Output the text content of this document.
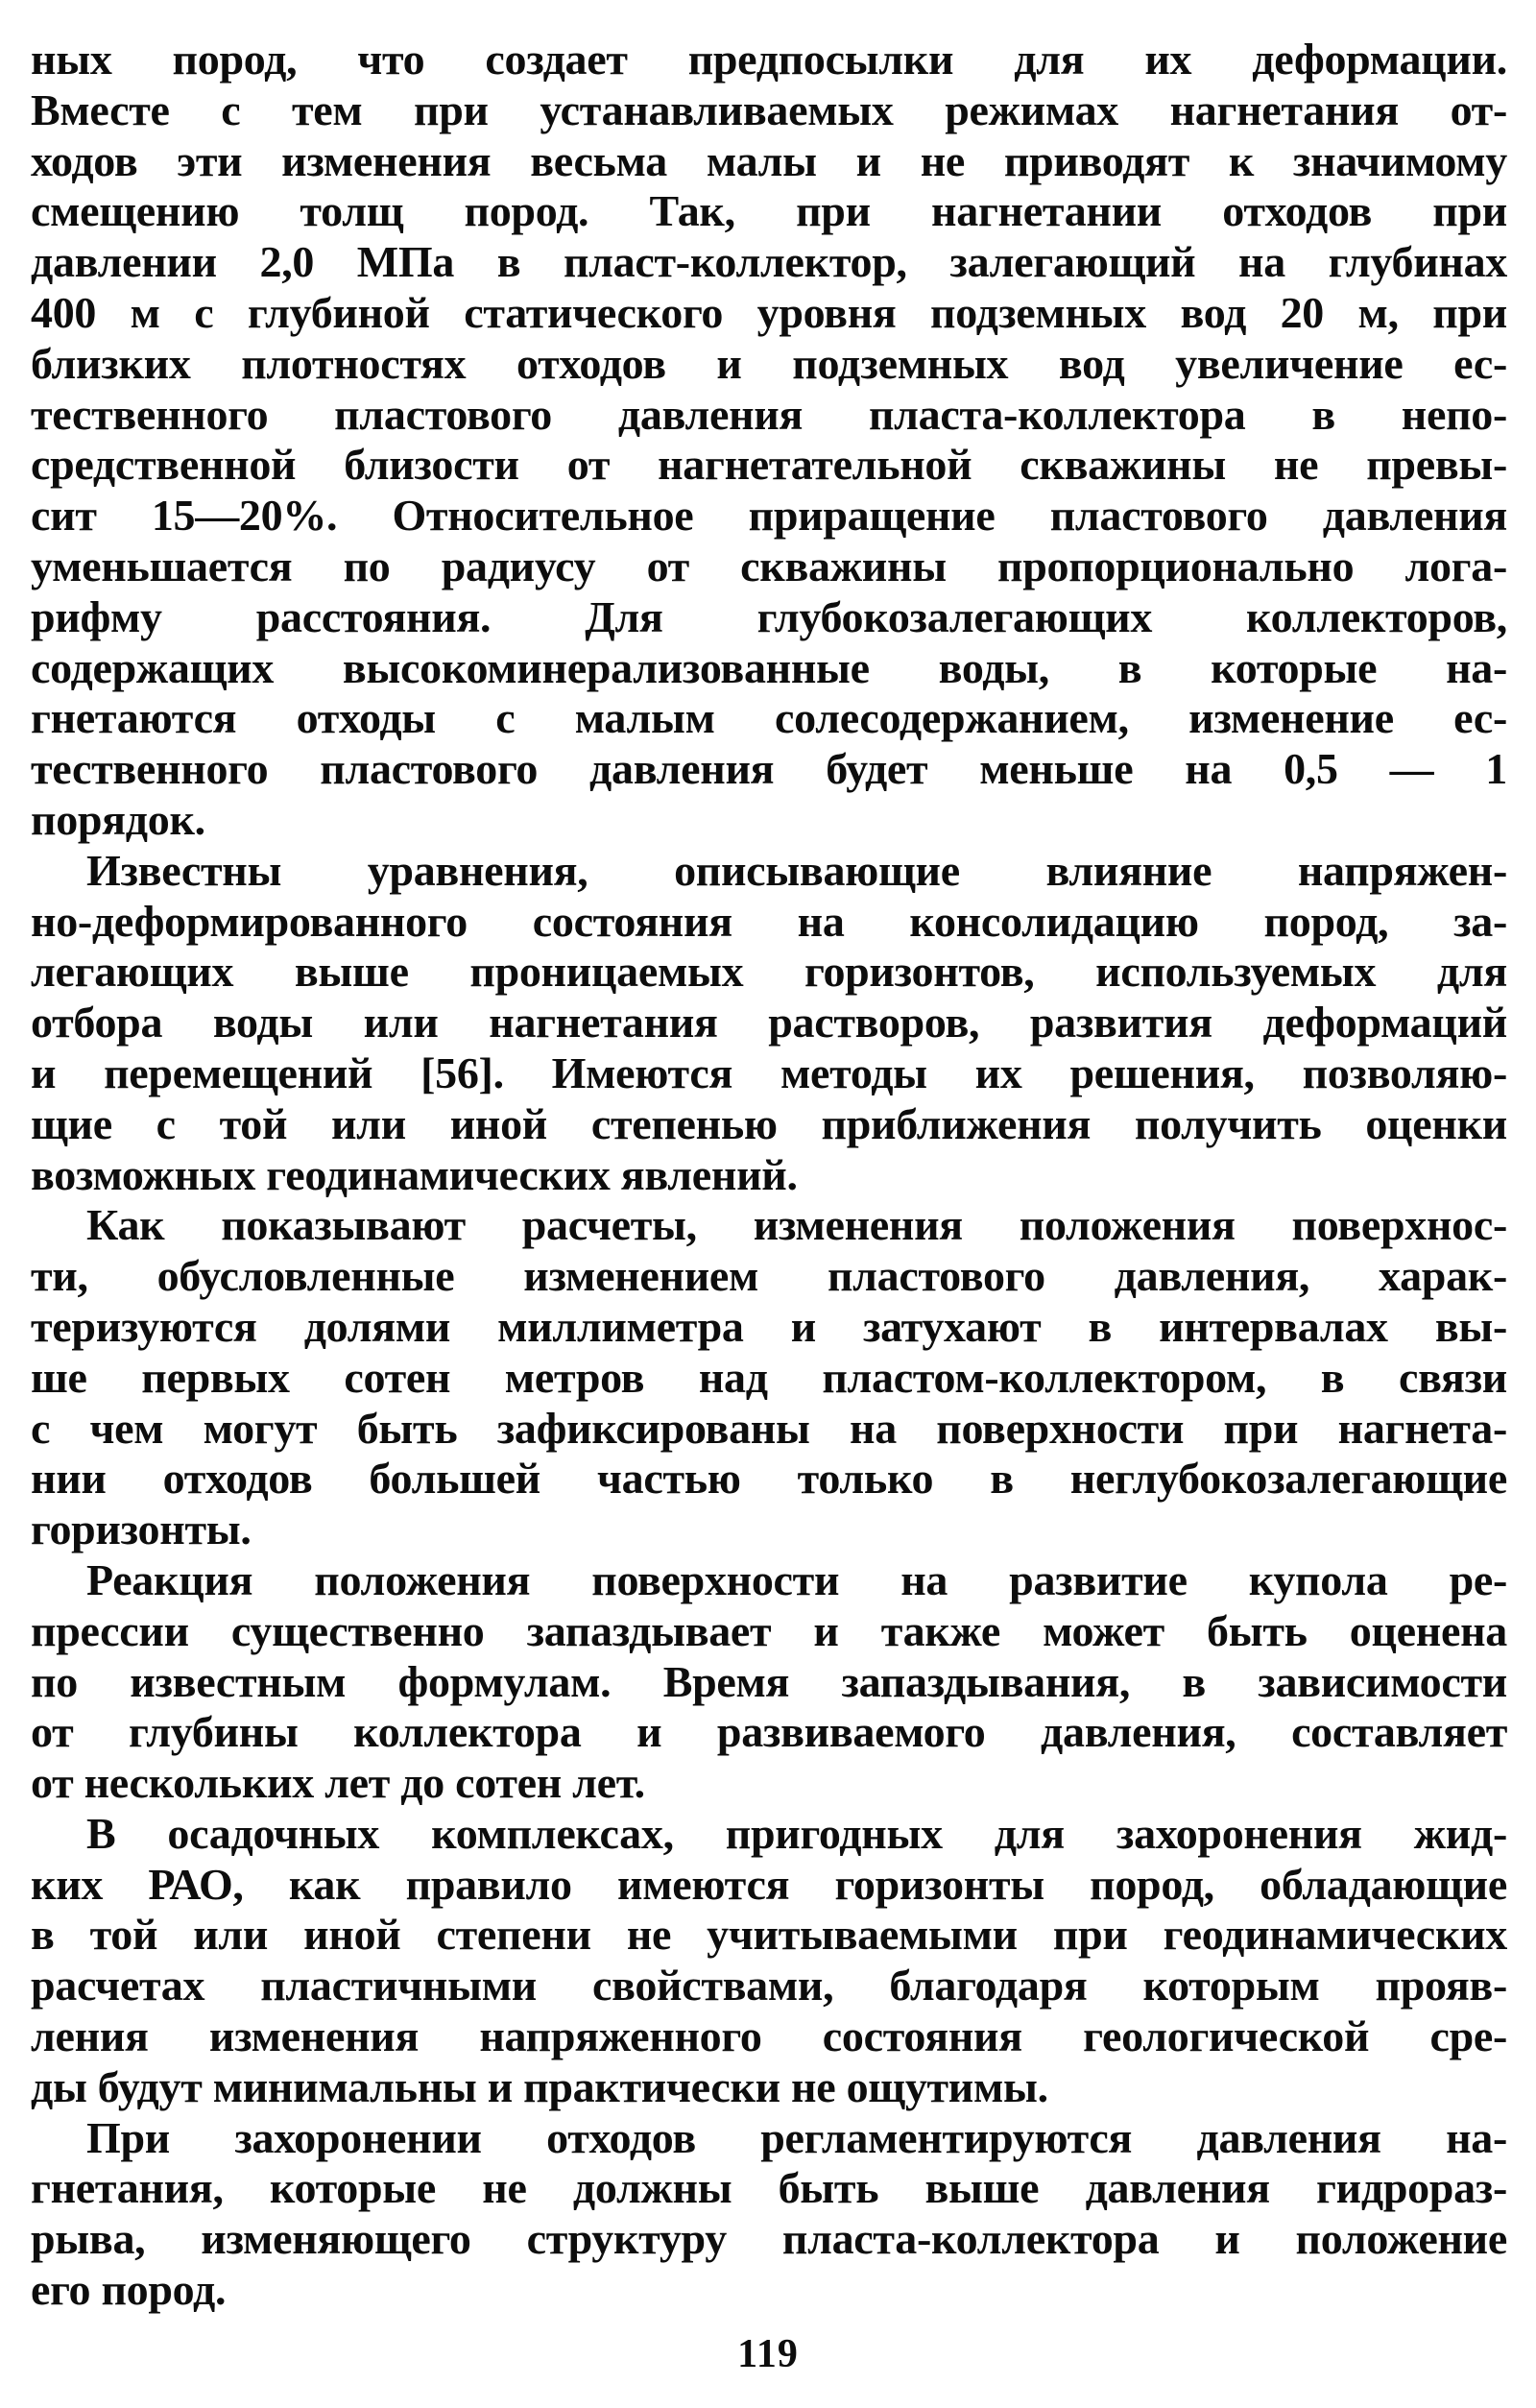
ных пород, что создает предпосылки для их деформации.
Вместе с тем при устанавливаемых режимах нагнетания от-
ходов эти изменения весьма малы и не приводят к значимому
смещению толщ пород. Так, при нагнетании отходов при
давлении 2,0 МПа в пласт-коллектор, залегающий на глубинах
400 м с глубиной статического уровня подземных вод 20 м, при
близких плотностях отходов и подземных вод увеличение ес-
тественного пластового давления пласта-коллектора в непо-
средственной близости от нагнетательной скважины не превы-
сит 15—20%. Относительное приращение пластового давления
уменьшается по радиусу от скважины пропорционально лога-
рифму расстояния. Для глубокозалегающих коллекторов,
содержащих высокоминерализованные воды, в которые на-
гнетаются отходы с малым солесодержанием, изменение ес-
тественного пластового давления будет меньше на 0,5 — 1
порядок.
Известны уравнения, описывающие влияние напряжен-
но-деформированного состояния на консолидацию пород, за-
легающих выше проницаемых горизонтов, используемых для
отбора воды или нагнетания растворов, развития деформаций
и перемещений [56]. Имеются методы их решения, позволяю-
щие с той или иной степенью приближения получить оценки
возможных геодинамических явлений.
Как показывают расчеты, изменения положения поверхнос-
ти, обусловленные изменением пластового давления, харак-
теризуются долями миллиметра и затухают в интервалах вы-
ше первых сотен метров над пластом-коллектором, в связи
с чем могут быть зафиксированы на поверхности при нагнета-
нии отходов большей частью только в неглубокозалегающие
горизонты.
Реакция положения поверхности на развитие купола ре-
прессии существенно запаздывает и также может быть оценена
по известным формулам. Время запаздывания, в зависимости
от глубины коллектора и развиваемого давления, составляет
от нескольких лет до сотен лет.
В осадочных комплексах, пригодных для захоронения жид-
ких РАО, как правило имеются горизонты пород, обладающие
в той или иной степени не учитываемыми при геодинамических
расчетах пластичными свойствами, благодаря которым прояв-
ления изменения напряженного состояния геологической сре-
ды будут минимальны и практически не ощутимы.
При захоронении отходов регламентируются давления на-
гнетания, которые не должны быть выше давления гидрораз-
рыва, изменяющего структуру пласта-коллектора и положение
его пород.
119
